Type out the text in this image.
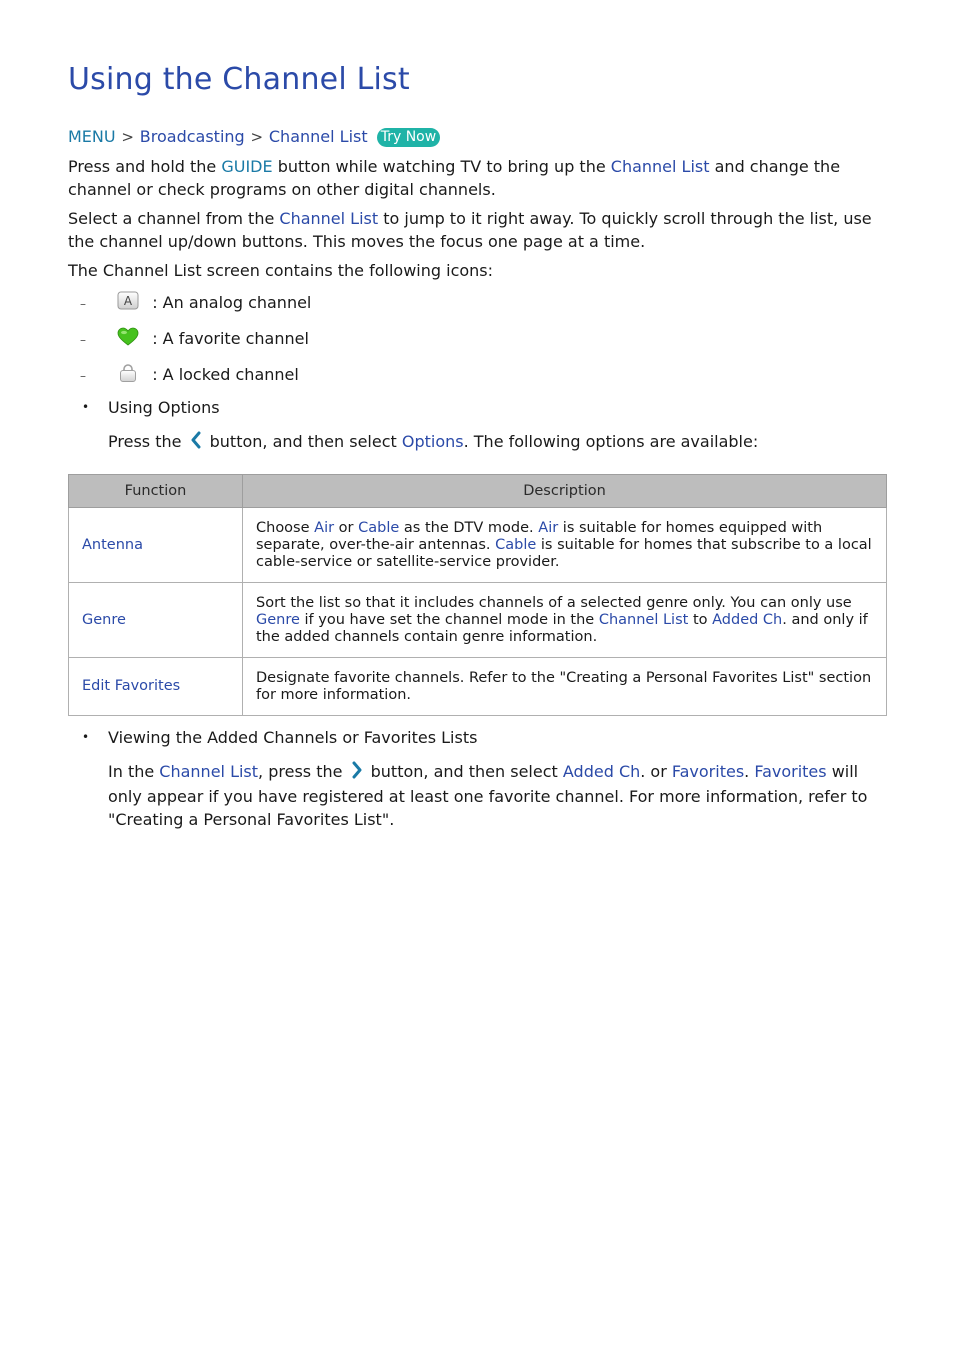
Using the Channel List
MENU > Broadcasting > Channel List Try Now

Press and hold the GUIDE button while watching TV to bring up the Channel List and change the channel or check programs on other digital channels.

Select a channel from the Channel List to jump to it right away. To quickly scroll through the list, use the channel up/down buttons. This moves the focus one page at a time.

The Channel List screen contains the following icons:

–	A : An analog channel
–	: A favorite channel
–	: A locked channel
• Using Options

Press the  button, and then select Options. The following options are available:

Function	Description
Antenna	Choose Air or Cable as the DTV mode. Air is suitable for homes equipped with separate, over-the-air antennas. Cable is suitable for homes that subscribe to a local cable-service or satellite-service provider.
Genre	Sort the list so that it includes channels of a selected genre only. You can only use Genre if you have set the channel mode in the Channel List to Added Ch. and only if the added channels contain genre information.
Edit Favorites	Designate favorite channels. Refer to the "Creating a Personal Favorites List" section for more information.
• Viewing the Added Channels or Favorites Lists

In the Channel List, press the  button, and then select Added Ch. or Favorites. Favorites will only appear if you have registered at least one favorite channel. For more information, refer to "Creating a Personal Favorites List".
